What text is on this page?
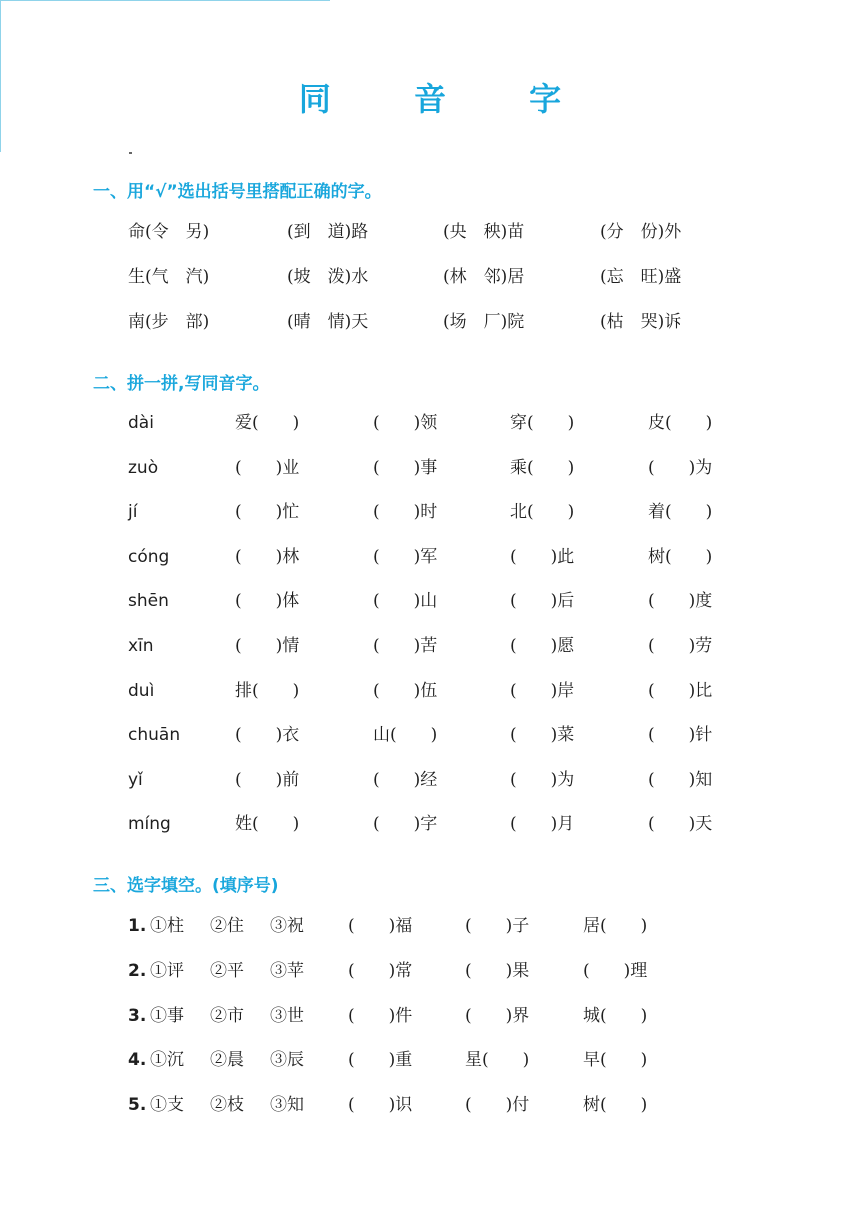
同 音 字
一、用“√”选出括号里搭配正确的字。
命(令　另)	(到　道)路	(央　秧)苗	(分　份)外
生(气　汽)	(坡　泼)水	(林　邻)居	(忘　旺)盛
南(步　部)	(晴　情)天	(场　厂)院	(枯　哭)诉
二、拼一拼,写同音字。
dài	爱(　　)	(　　)领	穿(　　)	皮(　　)
zuò	(　　)业	(　　)事	乘(　　)	(　　)为
jí	(　　)忙	(　　)时	北(　　)	着(　　)
cóng	(　　)林	(　　)军	(　　)此	树(　　)
shēn	(　　)体	(　　)山	(　　)后	(　　)度
xīn	(　　)情	(　　)苦	(　　)愿	(　　)劳
duì	排(　　)	(　　)伍	(　　)岸	(　　)比
chuān	(　　)衣	山(　　)	(　　)菜	(　　)针
yǐ	(　　)前	(　　)经	(　　)为	(　　)知
míng	姓(　　)	(　　)字	(　　)月	(　　)天
三、选字填空。(填序号)
1. ①柱 ②住 ③祝	(　　)福	(　　)子	居(　　)
2. ①评 ②平 ③苹	(　　)常	(　　)果	(　　)理
3. ①事 ②市 ③世	(　　)件	(　　)界	城(　　)
4. ①沉 ②晨 ③辰	(　　)重	星(　　)	早(　　)
5. ①支 ②枝 ③知	(　　)识	(　　)付	树(　　)
